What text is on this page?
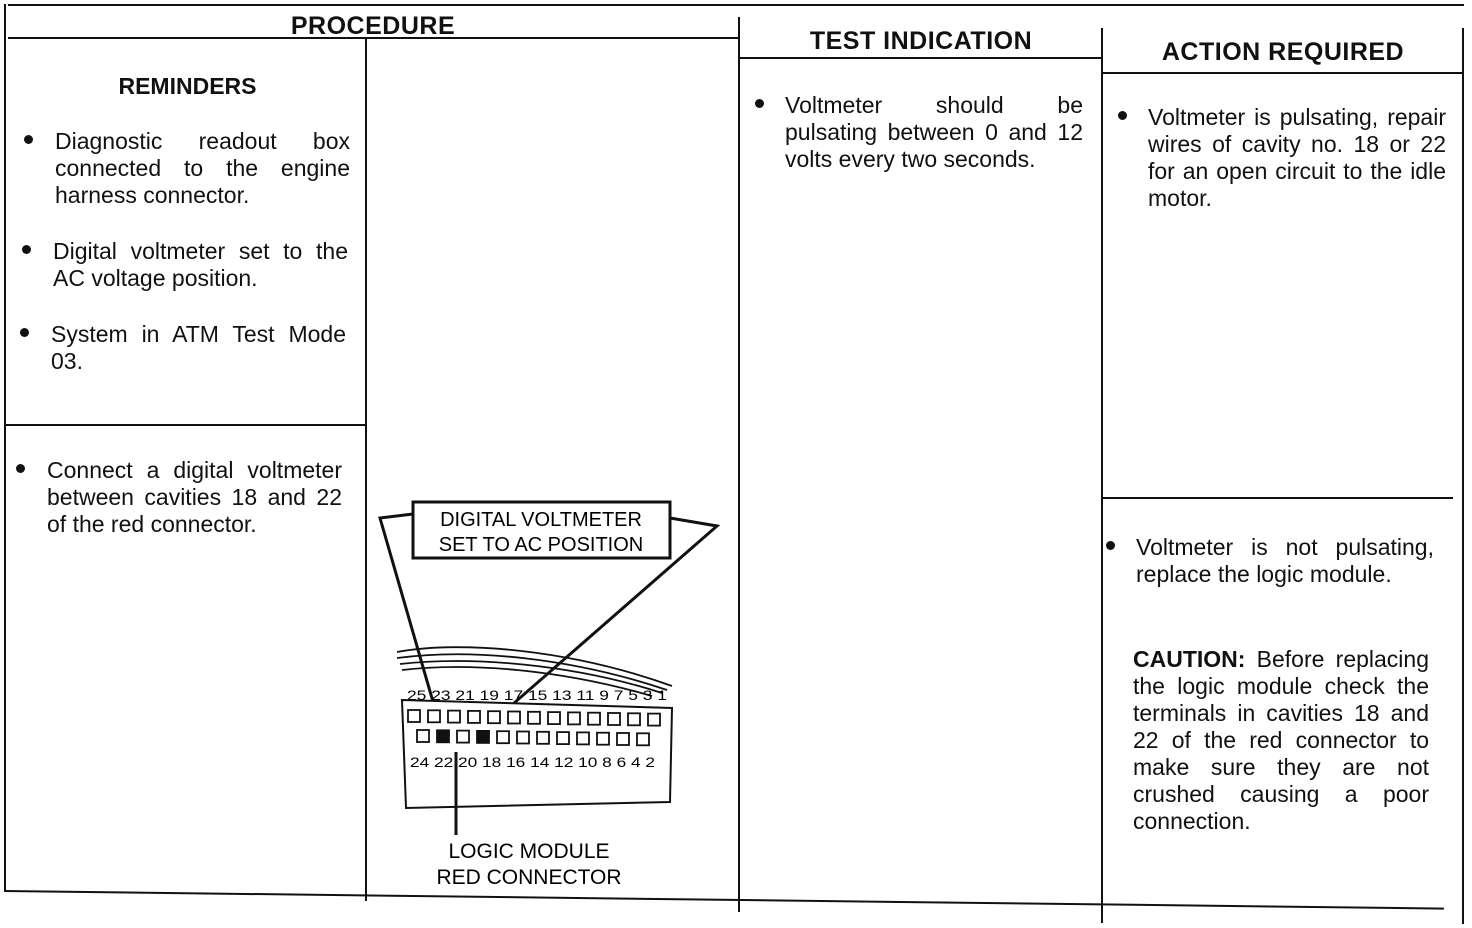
PROCEDURE
TEST INDICATION	ACTION REQUIRED
REMINDERS
Diagnostic readout box connected to the engine harness connector.
Digital voltmeter set to the AC voltage position.
System in ATM Test Mode 03.
Connect a digital voltmeter between cavities 18 and 22 of the red connector.	DIGITAL VOLTMETER
SET TO AC POSITION
25 23 21 19 17 15 13 11 9 7 5 3 1
24 22 20 18 16 14 12 10 8 6 4 2
LOGIC MODULE
RED CONNECTOR
Voltmeter should be pulsating between 0 and 12 volts every two seconds.
Voltmeter is pulsating, repair wires of cavity no. 18 or 22 for an open circuit to the idle motor.
Voltmeter is not pulsating, replace the logic module.
CAUTION: Before replacing the logic module check the terminals in cavities 18 and 22 of the red connector to make sure they are not crushed causing a poor connection.
